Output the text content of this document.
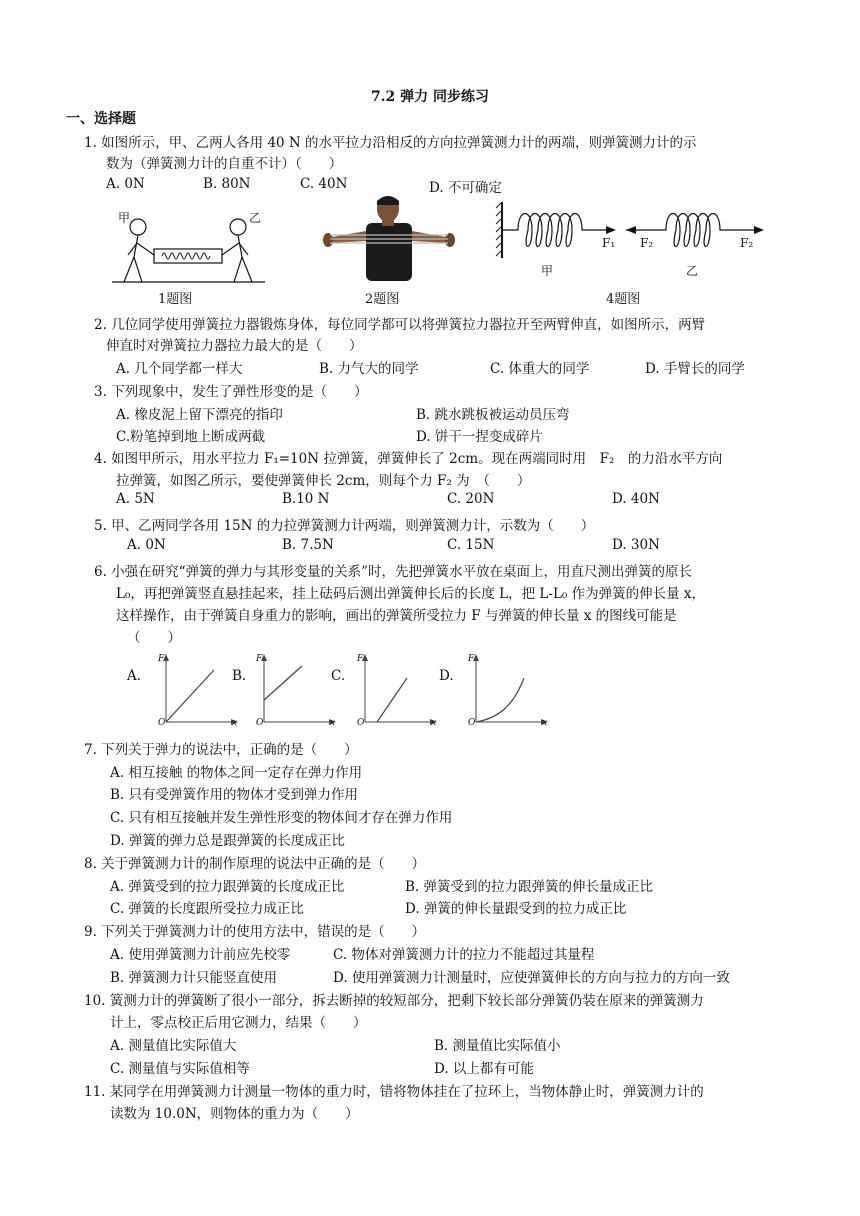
7.2 弹力 同步练习
一、选择题
1. 如图所示，甲、乙两人各用 40 N 的水平拉力沿相反的方向拉弹簧测力计的两端，则弹簧测力计的示
数为（弹簧测力计的自重不计）（　　）
A. 0N	B. 80N	C. 40N	D. 不可确定
甲	乙
F₁ F₂	F₂
甲	乙
1题图	2题图	4题图
2. 几位同学使用弹簧拉力器锻炼身体，每位同学都可以将弹簧拉力器拉开至两臂伸直，如图所示，两臂
伸直时对弹簧拉力器拉力最大的是（　　）
A. 几个同学都一样大	B. 力气大的同学	C. 体重大的同学	D. 手臂长的同学
3. 下列现象中，发生了弹性形变的是（　　）
A. 橡皮泥上留下漂亮的指印	B. 跳水跳板被运动员压弯
C.粉笔掉到地上断成两截	D. 饼干一捏变成碎片
4. 如图甲所示，用水平拉力 F₁=10N 拉弹簧，弹簧伸长了 2cm。现在两端同时用　F₂　的力沿水平方向
拉弹簧，如图乙所示，要使弹簧伸长 2cm，则每个力 F₂ 为　（　　）
A. 5N	B.10 N	C. 20N	D. 40N
5. 甲、乙两同学各用 15N 的力拉弹簧测力计两端，则弹簧测力计，示数为（　　）
A. 0N	B. 7.5N	C. 15N	D. 30N
6. 小强在研究“弹簧的弹力与其形变量的关系”时，先把弹簧水平放在桌面上，用直尺测出弹簧的原长
L₀，再把弹簧竖直悬挂起来，挂上砝码后测出弹簧伸长后的长度 L，把 L-L₀ 作为弹簧的伸长量 x，
这样操作，由于弹簧自身重力的影响，画出的弹簧所受拉力 F 与弹簧的伸长量 x 的图线可能是
（　　）
A.	B.	C.	D.
F	F	F	F
O	O	O	O
x	x	x	x
7. 下列关于弹力的说法中，正确的是（　　）
A. 相互接触 的物体之间一定存在弹力作用
B. 只有受弹簧作用的物体才受到弹力作用
C. 只有相互接触并发生弹性形变的物体间才存在弹力作用
D. 弹簧的弹力总是跟弹簧的长度成正比
8. 关于弹簧测力计的制作原理的说法中正确的是（　　）
A. 弹簧受到的拉力跟弹簧的长度成正比	B. 弹簧受到的拉力跟弹簧的伸长量成正比
C. 弹簧的长度跟所受拉力成正比	D. 弹簧的伸长量跟受到的拉力成正比
9. 下列关于弹簧测力计的使用方法中，错误的是（　　）
A. 使用弹簧测力计前应先校零	C. 物体对弹簧测力计的拉力不能超过其量程
B. 弹簧测力计只能竖直使用	D. 使用弹簧测力计测量时，应使弹簧伸长的方向与拉力的方向一致
10. 簧测力计的弹簧断了很小一部分，拆去断掉的较短部分，把剩下较长部分弹簧仍装在原来的弹簧测力
计上，零点校正后用它测力，结果（　　）
A. 测量值比实际值大	B. 测量值比实际值小
C. 测量值与实际值相等	D. 以上都有可能
11. 某同学在用弹簧测力计测量一物体的重力时，错将物体挂在了拉环上，当物体静止时，弹簧测力计的
读数为 10.0N，则物体的重力为（　　）
